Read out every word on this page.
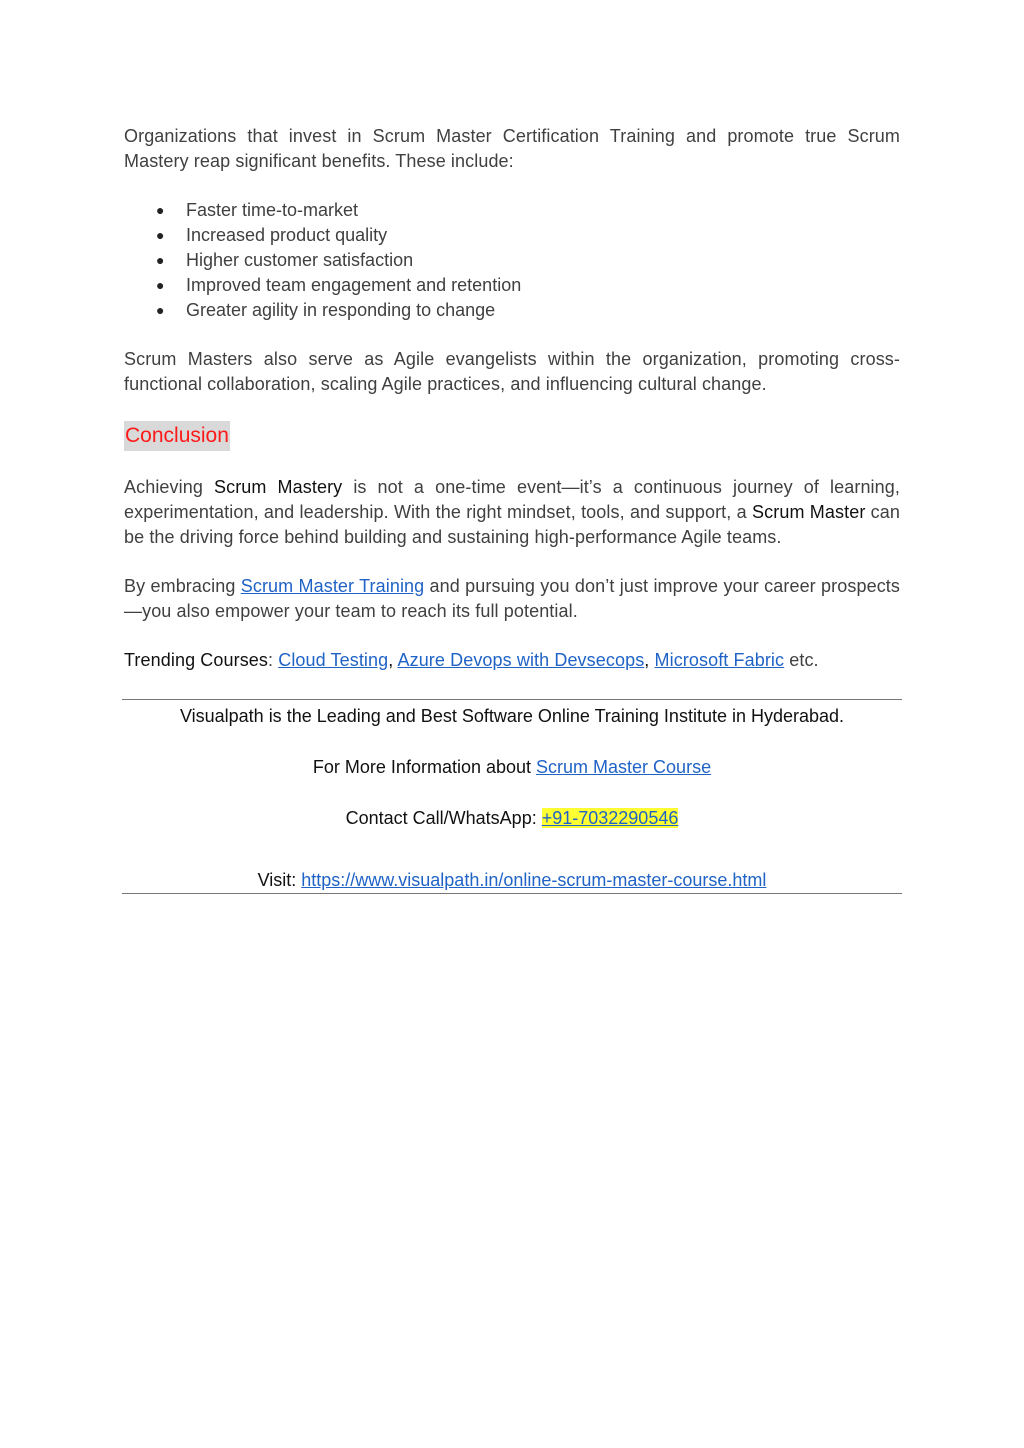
Organizations that invest in Scrum Master Certification Training and promote true Scrum Mastery reap significant benefits. These include:

● Faster time-to-market
● Increased product quality
● Higher customer satisfaction
● Improved team engagement and retention
● Greater agility in responding to change

Scrum Masters also serve as Agile evangelists within the organization, promoting cross-functional collaboration, scaling Agile practices, and influencing cultural change.

Conclusion

Achieving Scrum Mastery is not a one-time event—it’s a continuous journey of learning, experimentation, and leadership. With the right mindset, tools, and support, a Scrum Master can be the driving force behind building and sustaining high-performance Agile teams.

By embracing Scrum Master Training and pursuing you don’t just improve your career prospects—you also empower your team to reach its full potential.

Trending Courses: Cloud Testing, Azure Devops with Devsecops, Microsoft Fabric etc.

Visualpath is the Leading and Best Software Online Training Institute in Hyderabad.
For More Information about Scrum Master Course
Contact Call/WhatsApp: +91-7032290546
Visit: https://www.visualpath.in/online-scrum-master-course.html
